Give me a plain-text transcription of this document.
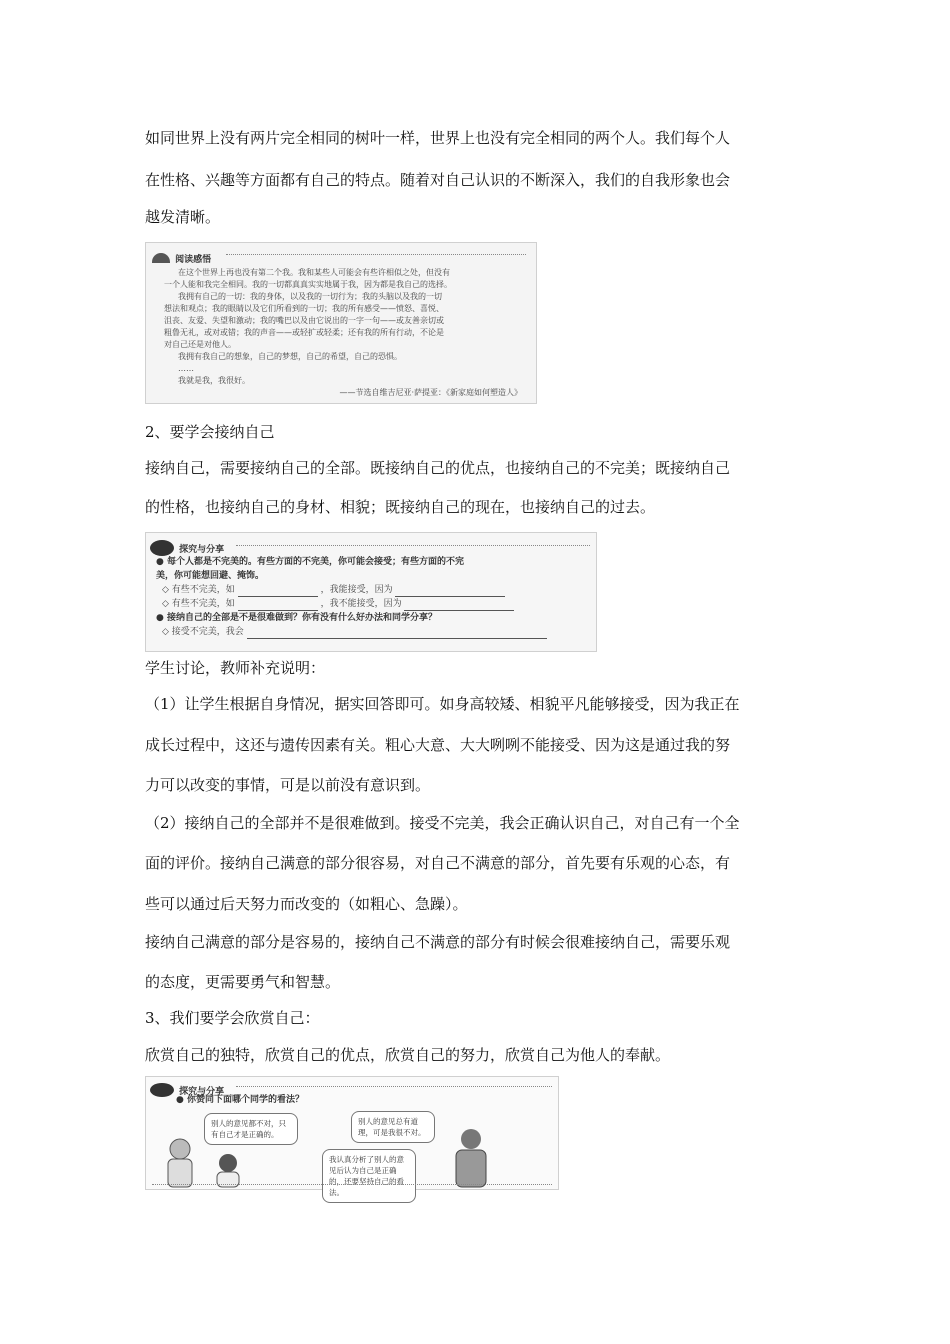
如同世界上没有两片完全相同的树叶一样，世界上也没有完全相同的两个人。我们每个人
在性格、兴趣等方面都有自己的特点。随着对自己认识的不断深入，我们的自我形象也会
越发清晰。
阅读感悟
在这个世界上再也没有第二个我。我和某些人可能会有些许相似之处，但没有
一个人能和我完全相同。我的一切都真真实实地属于我，因为都是我自己的选择。
我拥有自己的一切：我的身体，以及我的一切行为；我的头脑以及我的一切
想法和观点；我的眼睛以及它们所看到的一切；我的所有感受——愤怒、喜悦、
沮丧、友爱、失望和激动；我的嘴巴以及由它说出的一字一句——或友善亲切或
粗鲁无礼，或对或错；我的声音——或轻扩或轻柔；还有我的所有行动，不论是
对自己还是对他人。
我拥有我自己的想象，自己的梦想，自己的希望，自己的恐惧。
……
我就是我，我很好。
——节选自维吉尼亚·萨提亚：《新家庭如何塑造人》
2、要学会接纳自己
接纳自己，需要接纳自己的全部。既接纳自己的优点，也接纳自己的不完美；既接纳自己
的性格，也接纳自己的身材、相貌；既接纳自己的现在，也接纳自己的过去。
探究与分享
● 每个人都是不完美的。有些方面的不完美，你可能会接受；有些方面的不完
美，你可能想回避、掩饰。
◇ 有些不完美，如	，我能接受，因为
◇ 有些不完美，如	，我不能接受，因为
● 接纳自己的全部是不是很难做到？你有没有什么好办法和同学分享？
◇ 接受不完美，我会
学生讨论，教师补充说明：
（1）让学生根据自身情况，据实回答即可。如身高较矮、相貌平凡能够接受，因为我正在
成长过程中，这还与遗传因素有关。粗心大意、大大咧咧不能接受、因为这是通过我的努
力可以改变的事情，可是以前没有意识到。
（2）接纳自己的全部并不是很难做到。接受不完美，我会正确认识自己，对自己有一个全
面的评价。接纳自己满意的部分很容易，对自己不满意的部分，首先要有乐观的心态，有
些可以通过后天努力而改变的（如粗心、急躁）。
接纳自己满意的部分是容易的，接纳自己不满意的部分有时候会很难接纳自己，需要乐观
的态度，更需要勇气和智慧。
3、我们要学会欣赏自己：
欣赏自己的独特，欣赏自己的优点，欣赏自己的努力，欣赏自己为他人的奉献。
探究与分享
● 你赞同下面哪个同学的看法？
别人的意见都不对，只有自己才是正确的。
别人的意见总有道理，可是我很不对。
我认真分析了别人的意见后认为自己是正确的，还要坚持自己的看法。
